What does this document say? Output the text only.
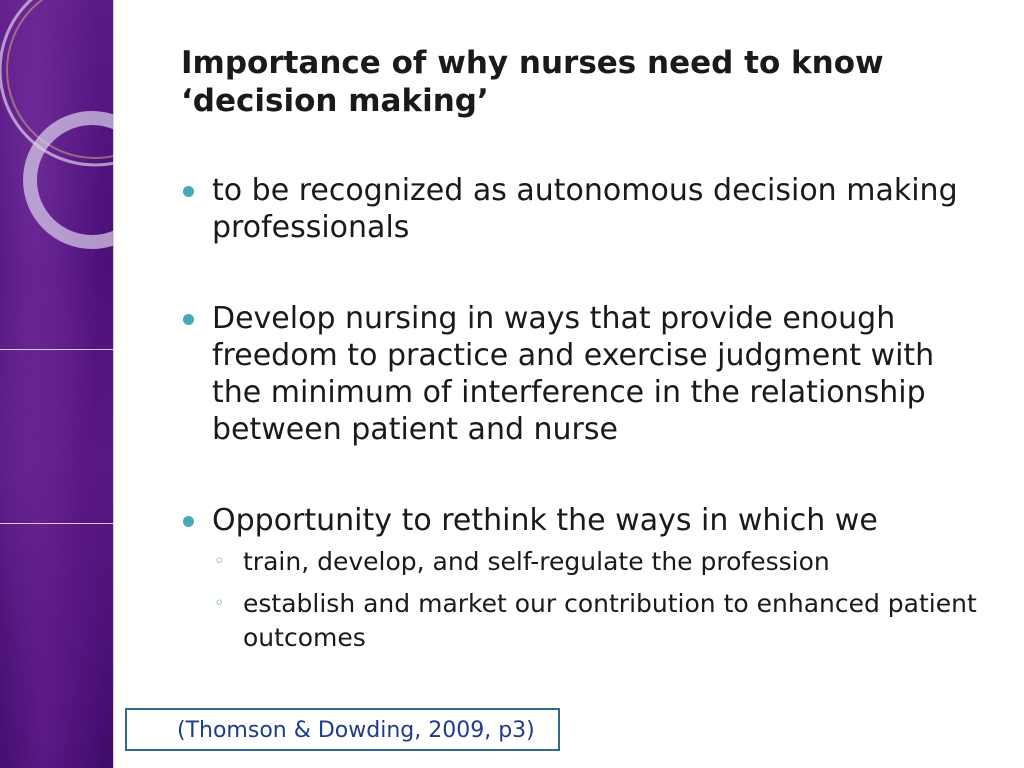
Importance of why nurses need to know
‘decision making’
to be recognized as autonomous decision making professionals
Develop nursing in ways that provide enough freedom to practice and exercise judgment with the minimum of interference in the relationship between patient and nurse
Opportunity to rethink the ways in which we
◦ train, develop, and self-regulate the profession
◦ establish and market our contribution to enhanced patient outcomes
(Thomson & Dowding, 2009, p3)
